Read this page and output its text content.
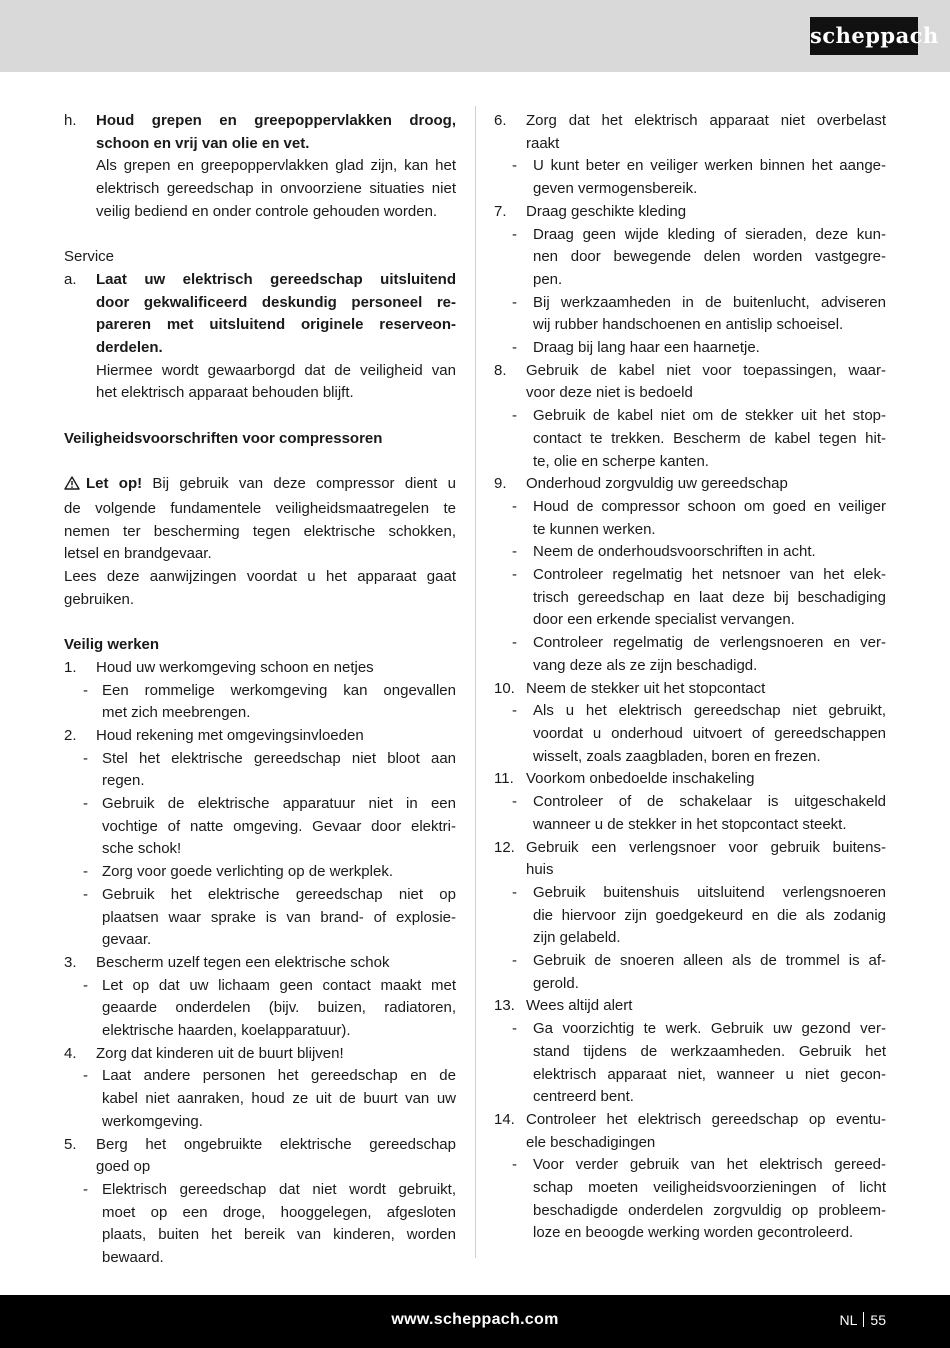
scheppach
h. Houd grepen en greepoppervlakken droog,
schoon en vrij van olie en vet.
Als grepen en greepoppervlakken glad zijn, kan het
elektrisch gereedschap in onvoorziene situaties niet
veilig bediend en onder controle gehouden worden.
Service
a. Laat uw elektrisch gereedschap uitsluitend
door gekwalificeerd deskundig personeel re-
pareren met uitsluitend originele reserveon-
derdelen.
Hiermee wordt gewaarborgd dat de veiligheid van
het elektrisch apparaat behouden blijft.
Veiligheidsvoorschriften voor compressoren
Let op! Bij gebruik van deze compressor dient u
de volgende fundamentele veiligheidsmaatregelen te
nemen ter bescherming tegen elektrische schokken,
letsel en brandgevaar.
Lees deze aanwijzingen voordat u het apparaat gaat
gebruiken.
Veilig werken
1. Houd uw werkomgeving schoon en netjes
- Een rommelige werkomgeving kan ongevallen
met zich meebrengen.
2. Houd rekening met omgevingsinvloeden
- Stel het elektrische gereedschap niet bloot aan
regen.
- Gebruik de elektrische apparatuur niet in een
vochtige of natte omgeving. Gevaar door elektri-
sche schok!
- Zorg voor goede verlichting op de werkplek.
- Gebruik het elektrische gereedschap niet op
plaatsen waar sprake is van brand- of explosie-
gevaar.
3. Bescherm uzelf tegen een elektrische schok
- Let op dat uw lichaam geen contact maakt met
geaarde onderdelen (bijv. buizen, radiatoren,
elektrische haarden, koelapparatuur).
4. Zorg dat kinderen uit de buurt blijven!
- Laat andere personen het gereedschap en de
kabel niet aanraken, houd ze uit de buurt van uw
werkomgeving.
5. Berg het ongebruikte elektrische gereedschap
goed op
- Elektrisch gereedschap dat niet wordt gebruikt,
moet op een droge, hooggelegen, afgesloten
plaats, buiten het bereik van kinderen, worden
bewaard.
6. Zorg dat het elektrisch apparaat niet overbelast
raakt
- U kunt beter en veiliger werken binnen het aange-
geven vermogensbereik.
7. Draag geschikte kleding
- Draag geen wijde kleding of sieraden, deze kun-
nen door bewegende delen worden vastgegre-
pen.
- Bij werkzaamheden in de buitenlucht, adviseren
wij rubber handschoenen en antislip schoeisel.
- Draag bij lang haar een haarnetje.
8. Gebruik de kabel niet voor toepassingen, waar-
voor deze niet is bedoeld
- Gebruik de kabel niet om de stekker uit het stop-
contact te trekken. Bescherm de kabel tegen hit-
te, olie en scherpe kanten.
9. Onderhoud zorgvuldig uw gereedschap
- Houd de compressor schoon om goed en veiliger
te kunnen werken.
- Neem de onderhoudsvoorschriften in acht.
- Controleer regelmatig het netsnoer van het elek-
trisch gereedschap en laat deze bij beschadiging
door een erkende specialist vervangen.
- Controleer regelmatig de verlengsnoeren en ver-
vang deze als ze zijn beschadigd.
10. Neem de stekker uit het stopcontact
- Als u het elektrisch gereedschap niet gebruikt,
voordat u onderhoud uitvoert of gereedschappen
wisselt, zoals zaagbladen, boren en frezen.
11. Voorkom onbedoelde inschakeling
- Controleer of de schakelaar is uitgeschakeld
wanneer u de stekker in het stopcontact steekt.
12. Gebruik een verlengsnoer voor gebruik buitens-
huis
- Gebruik buitenshuis uitsluitend verlengsnoeren
die hiervoor zijn goedgekeurd en die als zodanig
zijn gelabeld.
- Gebruik de snoeren alleen als de trommel is af-
gerold.
13. Wees altijd alert
- Ga voorzichtig te werk. Gebruik uw gezond ver-
stand tijdens de werkzaamheden. Gebruik het
elektrisch apparaat niet, wanneer u niet gecon-
centreerd bent.
14. Controleer het elektrisch gereedschap op eventu-
ele beschadigingen
- Voor verder gebruik van het elektrisch gereed-
schap moeten veiligheidsvoorzieningen of licht
beschadigde onderdelen zorgvuldig op probleem-
loze en beoogde werking worden gecontroleerd.
www.scheppach.com	NL 55
